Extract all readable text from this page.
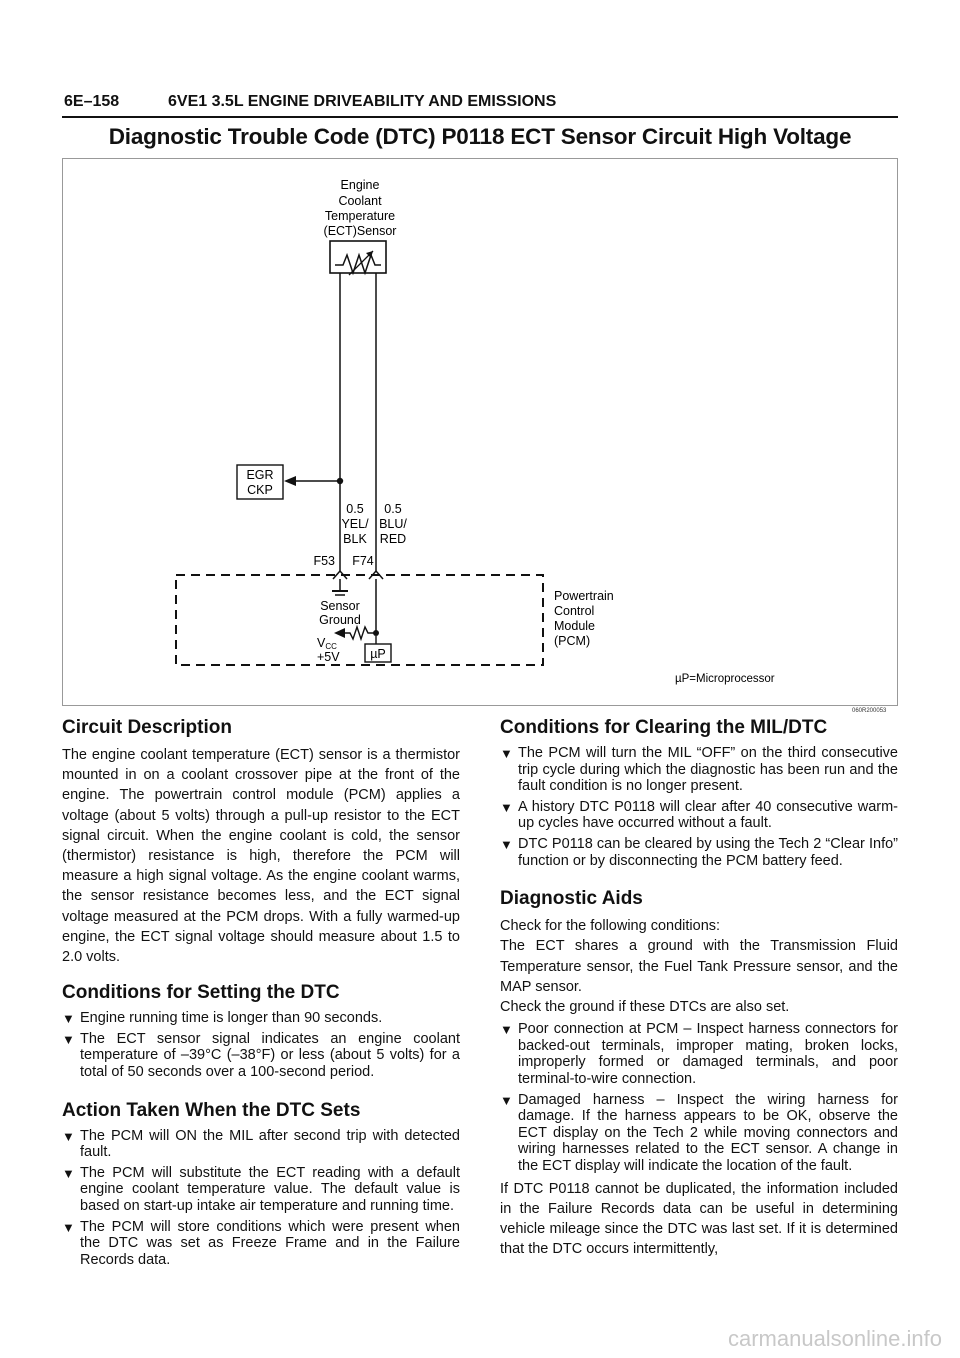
6E–158	6VE1 3.5L ENGINE DRIVEABILITY AND EMISSIONS
Diagnostic Trouble Code (DTC) P0118 ECT Sensor Circuit High Voltage
Engine
Coolant
Temperature
(ECT)Sensor
EGR
CKP
0.5
YEL/
BLK
0.5
BLU/
RED
F53 F74
Sensor
Ground
VCC
+5V µP
Powertrain
Control
Module
(PCM)
µP=Microprocessor
060R200053
Circuit Description

The engine coolant temperature (ECT) sensor is a thermistor mounted in on a coolant crossover pipe at the front of the engine. The powertrain control module (PCM) applies a voltage (about 5 volts) through a pull-up resistor to the ECT signal circuit. When the engine coolant is cold, the sensor (thermistor) resistance is high, therefore the PCM will measure a high signal voltage. As the engine coolant warms, the sensor resistance becomes less, and the ECT signal voltage measured at the PCM drops. With a fully warmed-up engine, the ECT signal voltage should measure about 1.5 to 2.0 volts.

Conditions for Setting the DTC
▼ Engine running time is longer than 90 seconds.
▼ The ECT sensor signal indicates an engine coolant temperature of –39°C (–38°F) or less (about 5 volts) for a total of 50 seconds over a 100-second period.
Action Taken When the DTC Sets
▼ The PCM will ON the MIL after second trip with detected fault.
▼ The PCM will substitute the ECT reading with a default engine coolant temperature value. The default value is based on start-up intake air temperature and running time.
▼ The PCM will store conditions which were present when the DTC was set as Freeze Frame and in the Failure Records data.
Conditions for Clearing the MIL/DTC
▼ The PCM will turn the MIL “OFF” on the third consecutive trip cycle during which the diagnostic has been run and the fault condition is no longer present.
▼ A history DTC P0118 will clear after 40 consecutive warm-up cycles have occurred without a fault.
▼ DTC P0118 can be cleared by using the Tech 2 “Clear Info” function or by disconnecting the PCM battery feed.
Diagnostic Aids

Check for the following conditions:

The ECT shares a ground with the Transmission Fluid Temperature sensor, the Fuel Tank Pressure sensor, and the MAP sensor.

Check the ground if these DTCs are also set.

▼ Poor connection at PCM – Inspect harness connectors for backed-out terminals, improper mating, broken locks, improperly formed or damaged terminals, and poor terminal-to-wire connection.
▼ Damaged harness – Inspect the wiring harness for damage. If the harness appears to be OK, observe the ECT display on the Tech 2 while moving connectors and wiring harnesses related to the ECT sensor. A change in the ECT display will indicate the location of the fault.

If DTC P0118 cannot be duplicated, the information included in the Failure Records data can be useful in determining vehicle mileage since the DTC was last set. If it is determined that the DTC occurs intermittently,

carmanualsonline.info
